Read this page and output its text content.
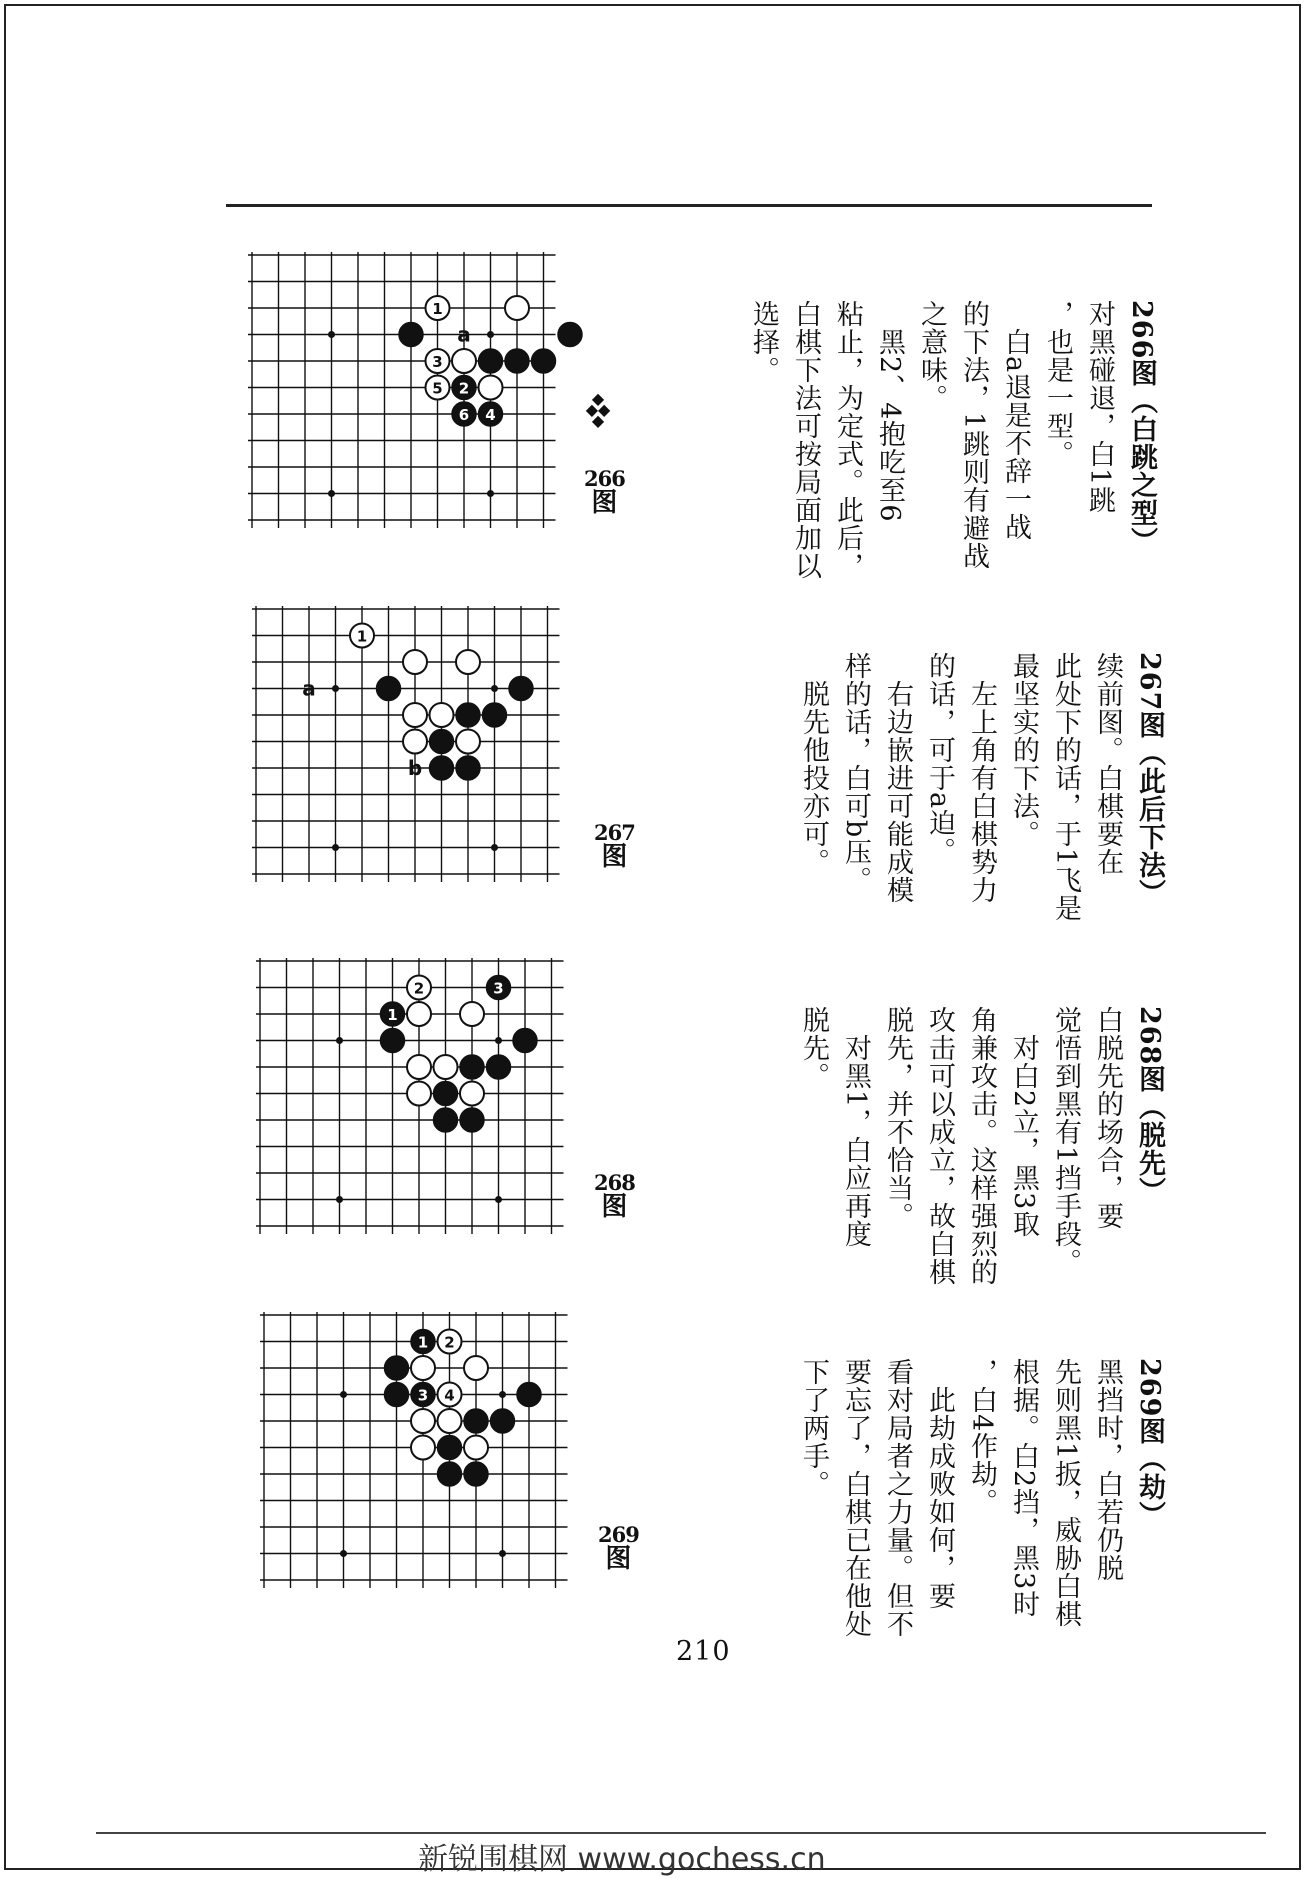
a
1
3
5 2
6 4
◆
◆◆
◆
266
图
a
b
1
267
图
2	3
1
268
图
1 2
3 4
269
图
210
新锐围棋网 www.gochess.cn
266图（白跳之型）
对黑碰退，白1跳
，也是一型。
　白a退是不辞一战
的下法，1跳则有避战
之意味。
　黑2、4抱吃至6
粘止，为定式。此后，
白棋下法可按局面加以
选择。
267图（此后下法）
续前图。白棋要在
此处下的话，于1飞是
最坚实的下法。
　左上角有白棋势力
的话，可于a迫。
　右边嵌进可能成模
样的话，白可b压。
　脱先他投亦可。
268图（脱先）
白脱先的场合，要
觉悟到黑有1挡手段。
　对白2立，黑3取
角兼攻击。这样强烈的
攻击可以成立，故白棋
脱先，并不恰当。
　对黑1，白应再度
脱先。
269图（劫）
黑挡时，白若仍脱
先则黑1扳，威胁白棋
根据。白2挡，黑3时
，白4作劫。
　此劫成败如何，要
看对局者之力量。但不
要忘了，白棋已在他处
下了两手。
